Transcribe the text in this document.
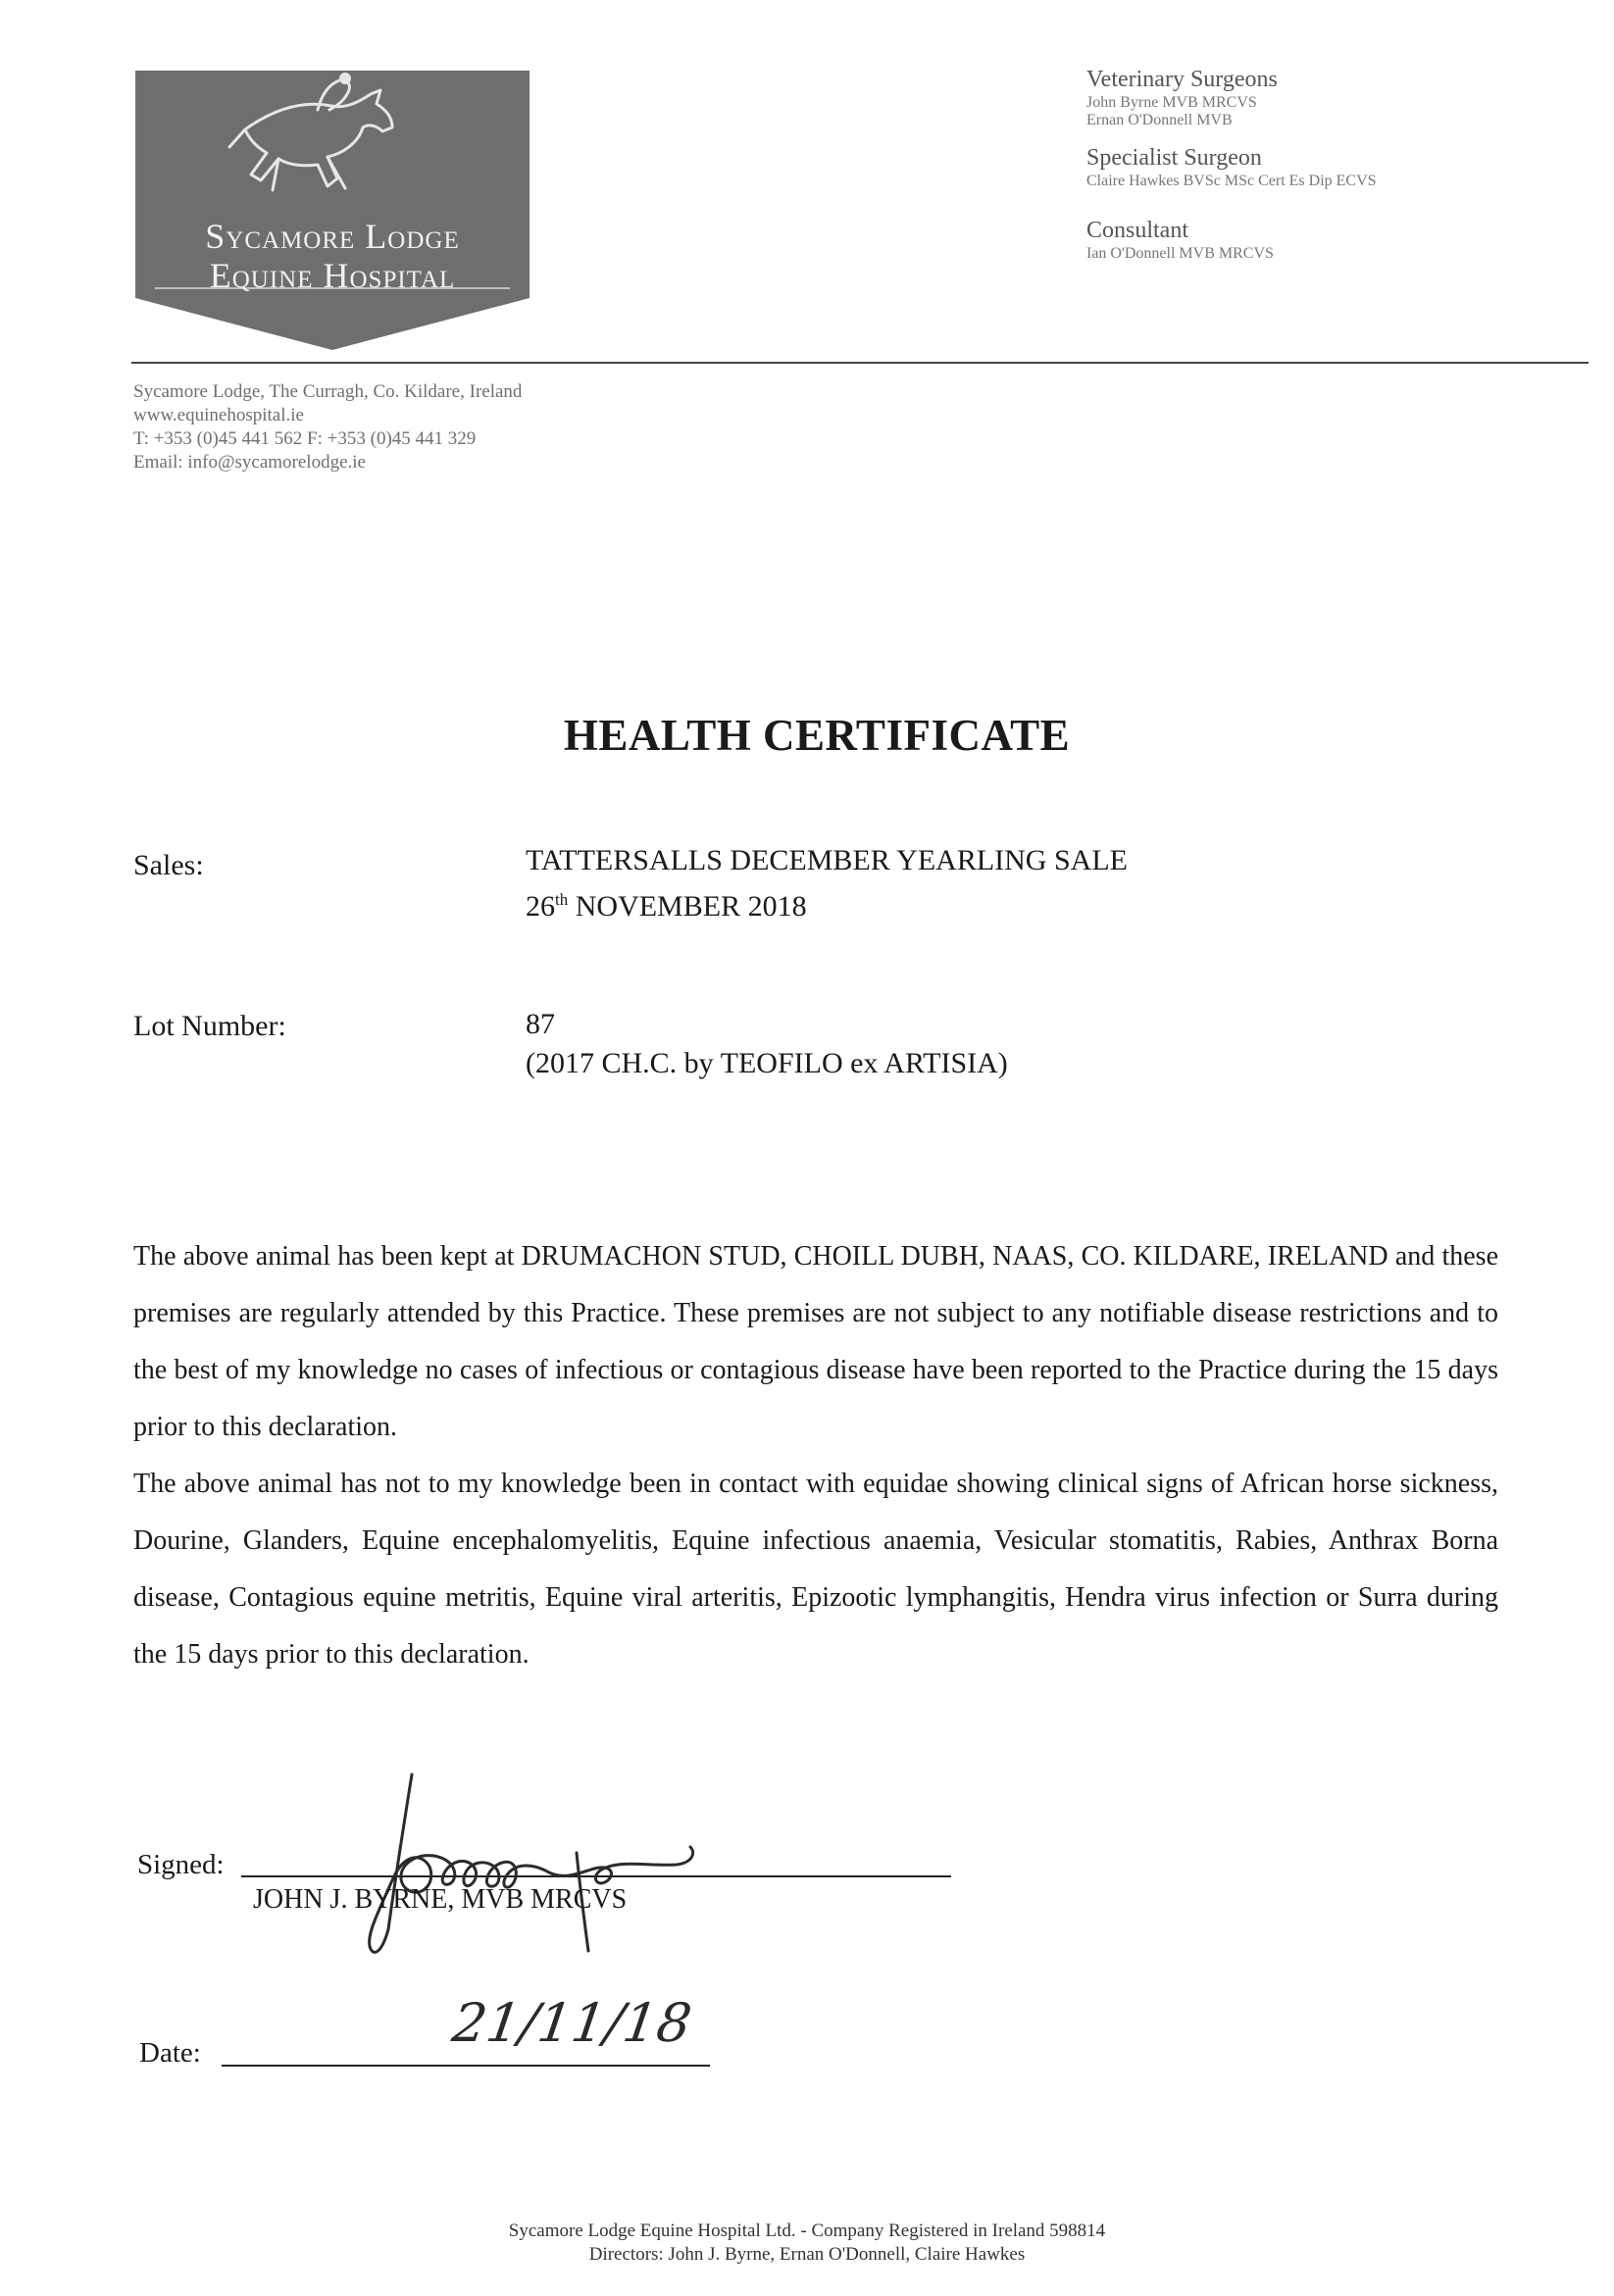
Sycamore Lodge
Equine Hospital

Veterinary Surgeons

John Byrne MVB MRCVS
Ernan O'Donnell MVB

Specialist Surgeon

Claire Hawkes BVSc MSc Cert Es Dip ECVS

Consultant

Ian O'Donnell MVB MRCVS
Sycamore Lodge, The Curragh, Co. Kildare, Ireland
www.equinehospital.ie
T: +353 (0)45 441 562 F: +353 (0)45 441 329
Email: info@sycamorelodge.ie
HEALTH CERTIFICATE
Sales:	TATTERSALLS DECEMBER YEARLING SALE
26th NOVEMBER 2018
Lot Number:	87
(2017 CH.C. by TEOFILO ex ARTISIA)

The above animal has been kept at DRUMACHON STUD, CHOILL DUBH, NAAS, CO. KILDARE, IRELAND and these premises are regularly attended by this Practice. These premises are not subject to any notifiable disease restrictions and to the best of my knowledge no cases of infectious or contagious disease have been reported to the Practice during the 15 days prior to this declaration.

The above animal has not to my knowledge been in contact with equidae showing clinical signs of African horse sickness, Dourine, Glanders, Equine encephalomyelitis, Equine infectious anaemia, Vesicular stomatitis, Rabies, Anthrax Borna disease, Contagious equine metritis, Equine viral arteritis, Epizootic lymphangitis, Hendra virus infection or Surra during the 15 days prior to this declaration.

Signed:
JOHN J. BYRNE, MVB MRCVS
Date:	21/11/18
Sycamore Lodge Equine Hospital Ltd. - Company Registered in Ireland 598814
Directors: John J. Byrne, Ernan O'Donnell, Claire Hawkes
